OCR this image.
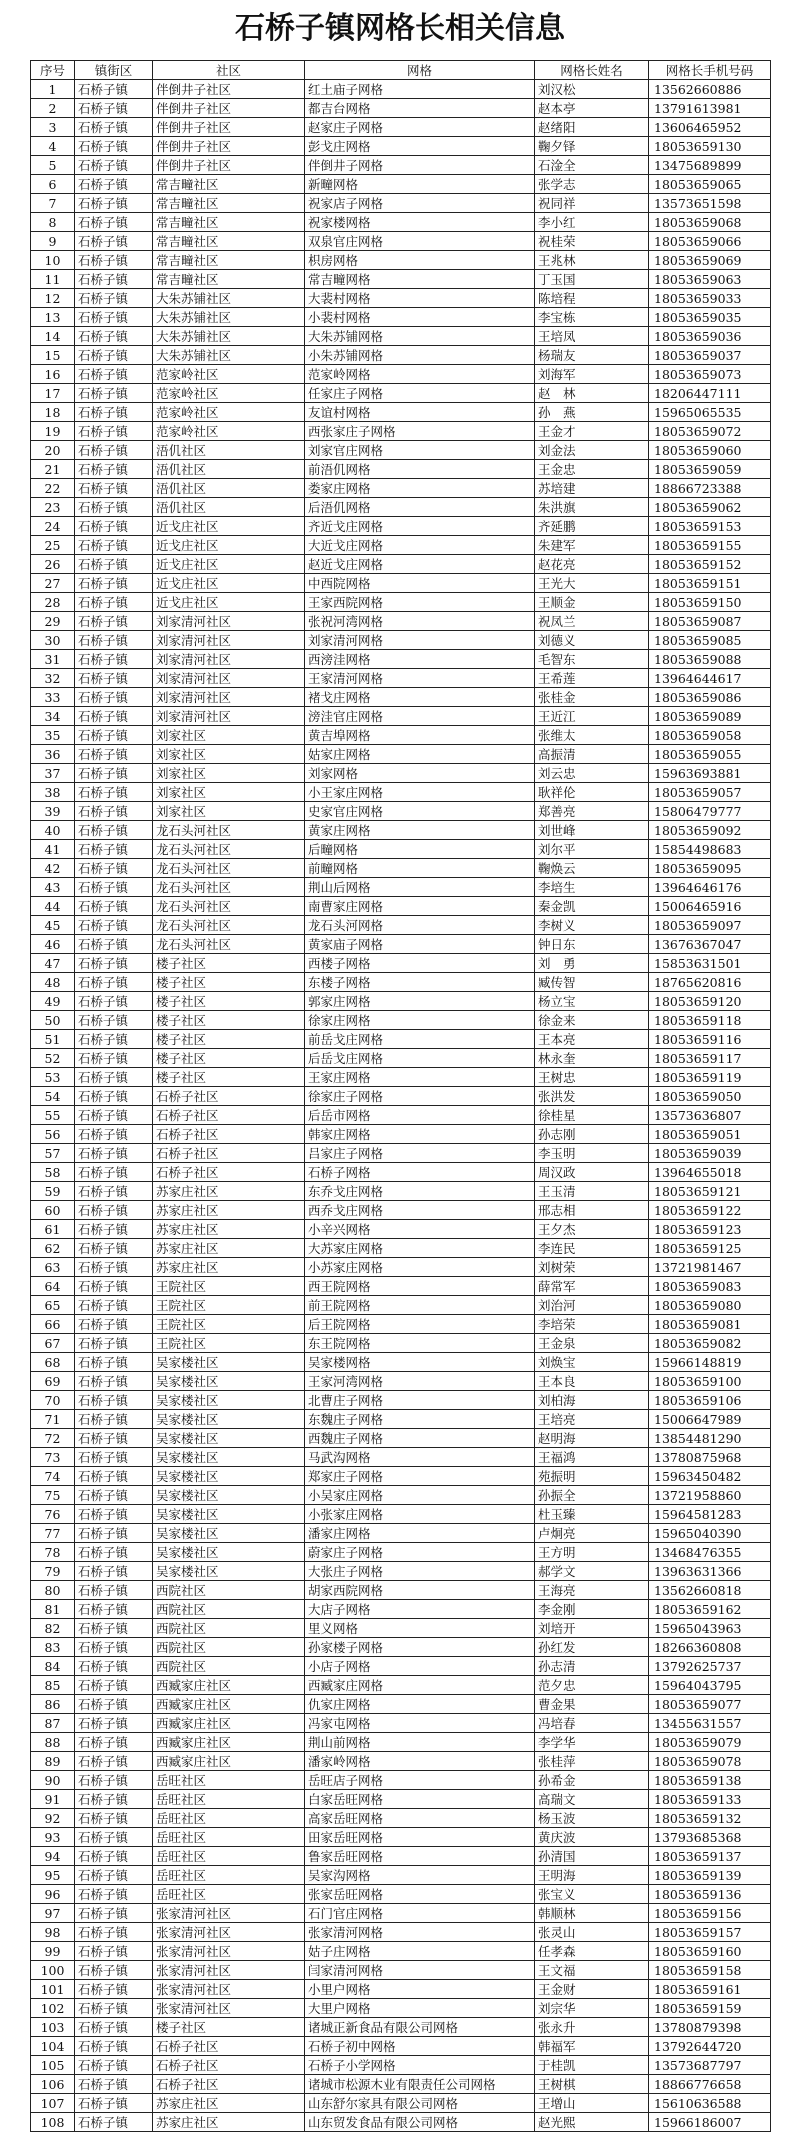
石桥子镇网格长相关信息
序号	镇街区	社区	网格	网格长姓名	网格长手机号码
1	石桥子镇	伴倒井子社区	红土庙子网格	刘汉松	13562660886
2	石桥子镇	伴倒井子社区	都吉台网格	赵本亭	13791613981
3	石桥子镇	伴倒井子社区	赵家庄子网格	赵绪阳	13606465952
4	石桥子镇	伴倒井子社区	彭戈庄网格	鞠夕铎	18053659130
5	石桥子镇	伴倒井子社区	伴倒井子网格	石淦全	13475689899
6	石桥子镇	常吉疃社区	新疃网格	张学志	18053659065
7	石桥子镇	常吉疃社区	祝家店子网格	祝同祥	13573651598
8	石桥子镇	常吉疃社区	祝家楼网格	李小红	18053659068
9	石桥子镇	常吉疃社区	双泉官庄网格	祝桂荣	18053659066
10	石桥子镇	常吉疃社区	枳房网格	王兆林	18053659069
11	石桥子镇	常吉疃社区	常吉疃网格	丁玉国	18053659063
12	石桥子镇	大朱苏铺社区	大裴村网格	陈培程	18053659033
13	石桥子镇	大朱苏铺社区	小裴村网格	李宝栋	18053659035
14	石桥子镇	大朱苏铺社区	大朱苏铺网格	王培凤	18053659036
15	石桥子镇	大朱苏铺社区	小朱苏铺网格	杨瑞友	18053659037
16	石桥子镇	范家岭社区	范家岭网格	刘海军	18053659073
17	石桥子镇	范家岭社区	任家庄子网格	赵　林	18206447111
18	石桥子镇	范家岭社区	友谊村网格	孙　燕	15965065535
19	石桥子镇	范家岭社区	西张家庄子网格	王金才	18053659072
20	石桥子镇	浯仉社区	刘家官庄网格	刘金法	18053659060
21	石桥子镇	浯仉社区	前浯仉网格	王金忠	18053659059
22	石桥子镇	浯仉社区	娄家庄网格	苏培建	18866723388
23	石桥子镇	浯仉社区	后浯仉网格	朱洪旗	18053659062
24	石桥子镇	近戈庄社区	齐近戈庄网格	齐延鹏	18053659153
25	石桥子镇	近戈庄社区	大近戈庄网格	朱建军	18053659155
26	石桥子镇	近戈庄社区	赵近戈庄网格	赵花亮	18053659152
27	石桥子镇	近戈庄社区	中西院网格	王光大	18053659151
28	石桥子镇	近戈庄社区	王家西院网格	王顺金	18053659150
29	石桥子镇	刘家清河社区	张祝河湾网格	祝凤兰	18053659087
30	石桥子镇	刘家清河社区	刘家清河网格	刘德义	18053659085
31	石桥子镇	刘家清河社区	西滂洼网格	毛智东	18053659088
32	石桥子镇	刘家清河社区	王家清河网格	王希莲	13964644617
33	石桥子镇	刘家清河社区	褚戈庄网格	张桂金	18053659086
34	石桥子镇	刘家清河社区	滂洼官庄网格	王近江	18053659089
35	石桥子镇	刘家社区	黄吉埠网格	张维太	18053659058
36	石桥子镇	刘家社区	姑家庄网格	高振清	18053659055
37	石桥子镇	刘家社区	刘家网格	刘云忠	15963693881
38	石桥子镇	刘家社区	小王家庄网格	耿祥伦	18053659057
39	石桥子镇	刘家社区	史家官庄网格	郑善亮	15806479777
40	石桥子镇	龙石头河社区	黄家庄网格	刘世峰	18053659092
41	石桥子镇	龙石头河社区	后疃网格	刘尔平	15854498683
42	石桥子镇	龙石头河社区	前疃网格	鞠焕云	18053659095
43	石桥子镇	龙石头河社区	荆山后网格	李培生	13964646176
44	石桥子镇	龙石头河社区	南曹家庄网格	秦金凯	15006465916
45	石桥子镇	龙石头河社区	龙石头河网格	李树义	18053659097
46	石桥子镇	龙石头河社区	黄家庙子网格	钟日东	13676367047
47	石桥子镇	楼子社区	西楼子网格	刘　勇	15853631501
48	石桥子镇	楼子社区	东楼子网格	臧传智	18765620816
49	石桥子镇	楼子社区	郭家庄网格	杨立宝	18053659120
50	石桥子镇	楼子社区	徐家庄网格	徐金来	18053659118
51	石桥子镇	楼子社区	前岳戈庄网格	王本亮	18053659116
52	石桥子镇	楼子社区	后岳戈庄网格	林永奎	18053659117
53	石桥子镇	楼子社区	王家庄网格	王树忠	18053659119
54	石桥子镇	石桥子社区	徐家庄子网格	张洪发	18053659050
55	石桥子镇	石桥子社区	后岳市网格	徐桂星	13573636807
56	石桥子镇	石桥子社区	韩家庄网格	孙志刚	18053659051
57	石桥子镇	石桥子社区	吕家庄子网格	李玉明	18053659039
58	石桥子镇	石桥子社区	石桥子网格	周汉政	13964655018
59	石桥子镇	苏家庄社区	东乔戈庄网格	王玉清	18053659121
60	石桥子镇	苏家庄社区	西乔戈庄网格	邢志相	18053659122
61	石桥子镇	苏家庄社区	小辛兴网格	王夕杰	18053659123
62	石桥子镇	苏家庄社区	大苏家庄网格	李连民	18053659125
63	石桥子镇	苏家庄社区	小苏家庄网格	刘树荣	13721981467
64	石桥子镇	王院社区	西王院网格	薛常军	18053659083
65	石桥子镇	王院社区	前王院网格	刘治河	18053659080
66	石桥子镇	王院社区	后王院网格	李培荣	18053659081
67	石桥子镇	王院社区	东王院网格	王金泉	18053659082
68	石桥子镇	吴家楼社区	吴家楼网格	刘焕宝	15966148819
69	石桥子镇	吴家楼社区	王家河湾网格	王本良	18053659100
70	石桥子镇	吴家楼社区	北曹庄子网格	刘柏海	18053659106
71	石桥子镇	吴家楼社区	东魏庄子网格	王培亮	15006647989
72	石桥子镇	吴家楼社区	西魏庄子网格	赵明海	13854481290
73	石桥子镇	吴家楼社区	马武沟网格	王福鸿	13780875968
74	石桥子镇	吴家楼社区	郑家庄子网格	苑振明	15963450482
75	石桥子镇	吴家楼社区	小吴家庄网格	孙振全	13721958860
76	石桥子镇	吴家楼社区	小张家庄网格	杜玉臻	15964581283
77	石桥子镇	吴家楼社区	潘家庄网格	卢炯亮	15965040390
78	石桥子镇	吴家楼社区	蔚家庄子网格	王方明	13468476355
79	石桥子镇	吴家楼社区	大张庄子网格	郝学文	13963631366
80	石桥子镇	西院社区	胡家西院网格	王海亮	13562660818
81	石桥子镇	西院社区	大店子网格	李金刚	18053659162
82	石桥子镇	西院社区	里义网格	刘培开	15965043963
83	石桥子镇	西院社区	孙家楼子网格	孙红发	18266360808
84	石桥子镇	西院社区	小店子网格	孙志清	13792625737
85	石桥子镇	西臧家庄社区	西臧家庄网格	范夕忠	15964043795
86	石桥子镇	西臧家庄社区	仇家庄网格	曹金果	18053659077
87	石桥子镇	西臧家庄社区	冯家屯网格	冯培春	13455631557
88	石桥子镇	西臧家庄社区	荆山前网格	李学华	18053659079
89	石桥子镇	西臧家庄社区	潘家岭网格	张桂萍	18053659078
90	石桥子镇	岳旺社区	岳旺店子网格	孙希金	18053659138
91	石桥子镇	岳旺社区	白家岳旺网格	高瑞文	18053659133
92	石桥子镇	岳旺社区	高家岳旺网格	杨玉波	18053659132
93	石桥子镇	岳旺社区	田家岳旺网格	黄庆波	13793685368
94	石桥子镇	岳旺社区	鲁家岳旺网格	孙清国	18053659137
95	石桥子镇	岳旺社区	吴家沟网格	王明海	18053659139
96	石桥子镇	岳旺社区	张家岳旺网格	张宝义	18053659136
97	石桥子镇	张家清河社区	石门官庄网格	韩顺林	18053659156
98	石桥子镇	张家清河社区	张家清河网格	张灵山	18053659157
99	石桥子镇	张家清河社区	姑子庄网格	任孝森	18053659160
100	石桥子镇	张家清河社区	闫家清河网格	王文福	18053659158
101	石桥子镇	张家清河社区	小里户网格	王金财	18053659161
102	石桥子镇	张家清河社区	大里户网格	刘宗华	18053659159
103	石桥子镇	楼子社区	诸城正新食品有限公司网格	张永升	13780879398
104	石桥子镇	石桥子社区	石桥子初中网格	韩福军	13792644720
105	石桥子镇	石桥子社区	石桥子小学网格	于桂凯	13573687797
106	石桥子镇	石桥子社区	诸城市松源木业有限责任公司网格	王树棋	18866776658
107	石桥子镇	苏家庄社区	山东舒尔家具有限公司网格	王增山	15610636588
108	石桥子镇	苏家庄社区	山东贸发食品有限公司网格	赵光熙	15966186007
